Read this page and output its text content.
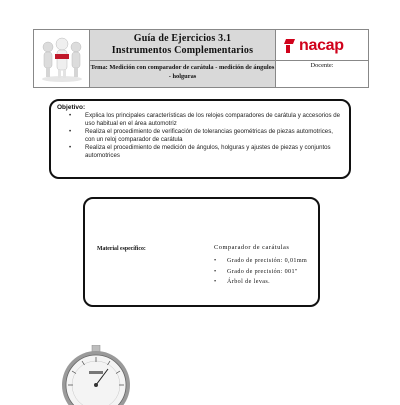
Guía de Ejercicios 3.1
Instrumentos Complementarios	nacap
Tema: Medición con comparador de carátula - medición de ángulos - holguras
Docente:
Objetivo:
• Explica los principales características de los relojes comparadores de carátula y accesorios de uso habitual en el área automotriz
• Realiza el procedimiento de verificación de tolerancias geométricas de piezas automotrices, con un reloj comparador de carátula
• Realiza el procedimiento de medición de ángulos, holguras y ajustes de piezas y conjuntos automotrices
Material específico:	Comparador de carátulas
• Grado de precisión: 0,01mm
• Grado de precisión: 001"
• Árbol de levas.
